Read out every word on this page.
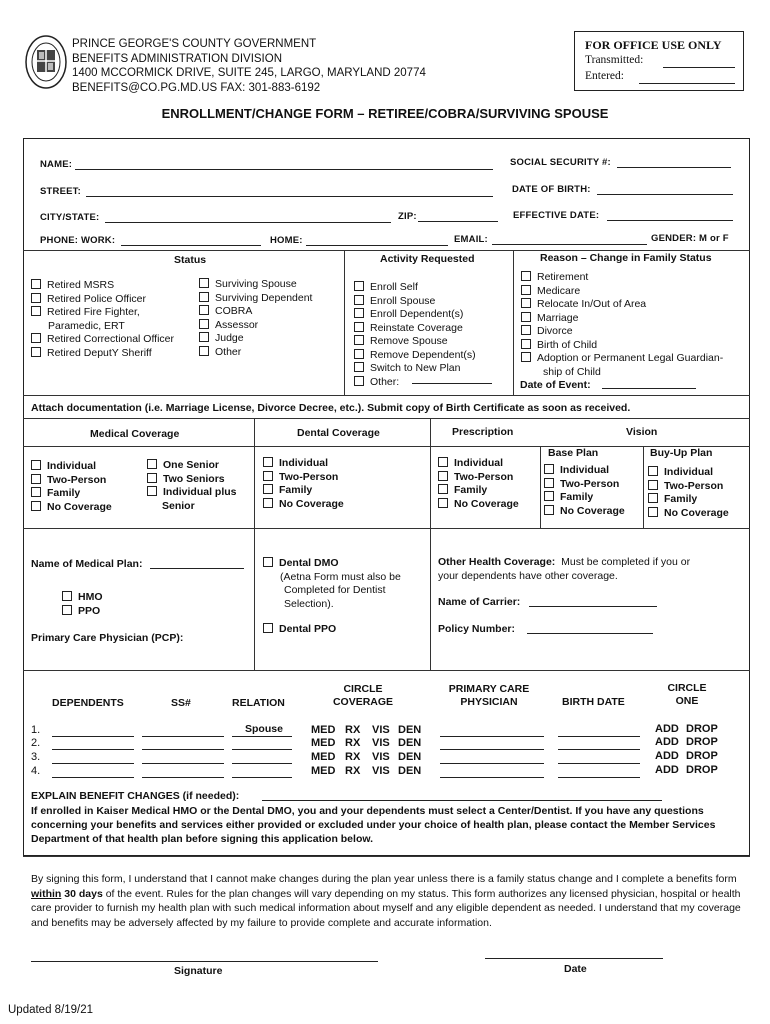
PRINCE GEORGE'S COUNTY GOVERNMENT
BENEFITS ADMINISTRATION DIVISION
1400 MCCORMICK DRIVE, SUITE 245, LARGO, MARYLAND 20774
BENEFITS@CO.PG.MD.US FAX: 301-883-6192
FOR OFFICE USE ONLY
Transmitted:
Entered:
ENROLLMENT/CHANGE FORM – RETIREE/COBRA/SURVIVING SPOUSE
NAME:	SOCIAL SECURITY #:
STREET:	DATE OF BIRTH:
CITY/STATE:	ZIP:	EFFECTIVE DATE:
PHONE: WORK:	HOME:	EMAIL:	GENDER: M or F
Status	Activity Requested	Reason – Change in Family Status
Retired MSRS
Retired Police Officer
Retired Fire Fighter,
Paramedic, ERT
Retired Correctional Officer
Retired DeputY Sheriff
Surviving Spouse
Surviving Dependent
COBRA
Assessor
Judge
Other
Enroll Self
Enroll Spouse
Enroll Dependent(s)
Reinstate Coverage
Remove Spouse
Remove Dependent(s)
Switch to New Plan
Other:
Retirement
Medicare
Relocate In/Out of Area
Marriage
Divorce
Birth of Child
Adoption or Permanent Legal Guardian-
ship of Child
Date of Event:
Attach documentation (i.e. Marriage License, Divorce Decree, etc.). Submit copy of Birth Certificate as soon as received.
Medical Coverage	Dental Coverage	Prescription	Vision
Base Plan	Buy-Up Plan
Individual
Two-Person
Family
No Coverage
One Senior
Two Seniors
Individual plus
Senior
Individual
Two-Person
Family
No Coverage
Individual
Two-Person
Family
No Coverage
Individual
Two-Person
Family
No Coverage
Individual
Two-Person
Family
No Coverage
Name of Medical Plan:
HMO
PPO
Primary Care Physician (PCP):
Dental DMO
(Aetna Form must also be
Completed for Dentist
Selection).
Dental PPO
Other Health Coverage: Must be completed if you or
your dependents have other coverage.
Name of Carrier:
Policy Number:
DEPENDENTS	SS#	RELATION
CIRCLE
COVERAGE
PRIMARY CARE
PHYSICIAN	BIRTH DATE
CIRCLE
ONE
1.	Spouse	MED RX VIS DEN	ADD DROP
2.	MED RX VIS DEN	ADD DROP
3.	MED RX VIS DEN	ADD DROP
4.	MED RX VIS DEN	ADD DROP
EXPLAIN BENEFIT CHANGES (if needed):
If enrolled in Kaiser Medical HMO or the Dental DMO, you and your dependents must select a Center/Dentist. If you have any questions concerning your benefits and services either provided or excluded under your choice of health plan, please contact the Member Services Department of that health plan before signing this application below.

By signing this form, I understand that I cannot make changes during the plan year unless there is a family status change and I complete a benefits form within 30 days of the event. Rules for the plan changes will vary depending on my status. This form authorizes any licensed physician, hospital or health care provider to furnish my health plan with such medical information about myself and any eligible dependent as needed. I understand that my coverage and benefits may be adversely affected by my failure to provide complete and accurate information.

Signature	Date
Updated 8/19/21
